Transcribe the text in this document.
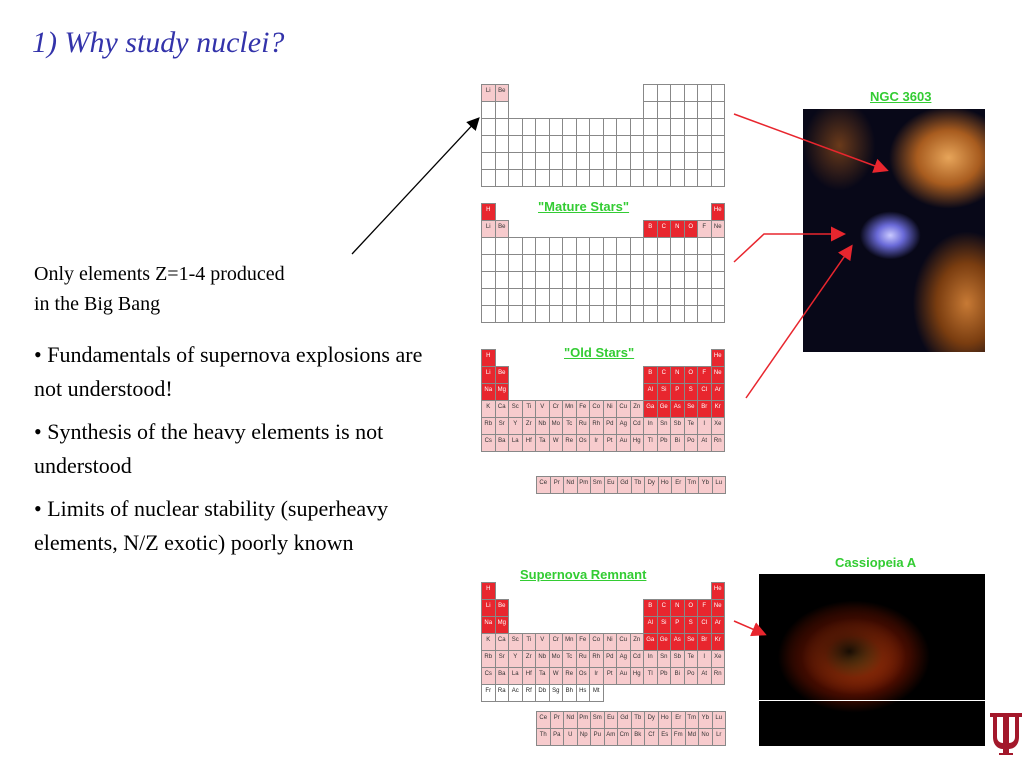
1) Why study nuclei?
Only elements Z=1-4 produced
in the Big Bang
• Fundamentals of supernova explosions are not understood!
• Synthesis of the heavy elements is not understood
• Limits of nuclear stability (superheavy elements, N/Z exotic) poorly known
"Mature Stars"
"Old Stars"
Supernova Remnant
NGC 3603
Cassiopeia A
Li	Be
H	He
Li	Be	B	C	N	O	F	Ne
H	He
Li	Be	B	C	N	O	F	Ne
Na Mg	Al	Si	P	S	Cl	Ar
K	Ca	Sc	Ti	V	Cr	Mn Fe	Co	Ni	Cu	Zn Ga Ge As	Se	Br	Kr
Rb	Sr	Y	Zr	Nb Mo	Tc	Ru Rh	Pd	Ag Cd	In	Sn	Sb	Te	I	Xe
Cs	Ba	La	Hf	Ta	W	Re Os	Ir	Pt	Au Hg	Tl	Pb	Bi	Po	At	Rn
Ce	Pr	Nd Pm Sm Eu Gd Tb	Dy Ho	Er	Tm Yb	Lu
H	He
Li	Be	B	C	N	O	F	Ne
Na Mg	Al	Si	P	S	Cl	Ar
K	Ca	Sc	Ti	V	Cr	Mn Fe	Co	Ni	Cu	Zn Ga Ge As	Se	Br	Kr
Rb	Sr	Y	Zr	Nb Mo	Tc	Ru Rh	Pd	Ag Cd	In	Sn	Sb	Te	I	Xe
Cs	Ba	La	Hf	Ta	W	Re Os	Ir	Pt	Au Hg	Tl	Pb	Bi	Po	At	Rn
Fr	Ra	Ac	Rf	Db	Sg	Bh	Hs	Mt
Ce	Pr	Nd Pm Sm Eu Gd Tb	Dy Ho	Er	Tm Yb	Lu
Th	Pa	U	Np	Pu Am Cm Bk	Cf	Es Fm Md No	Lr
